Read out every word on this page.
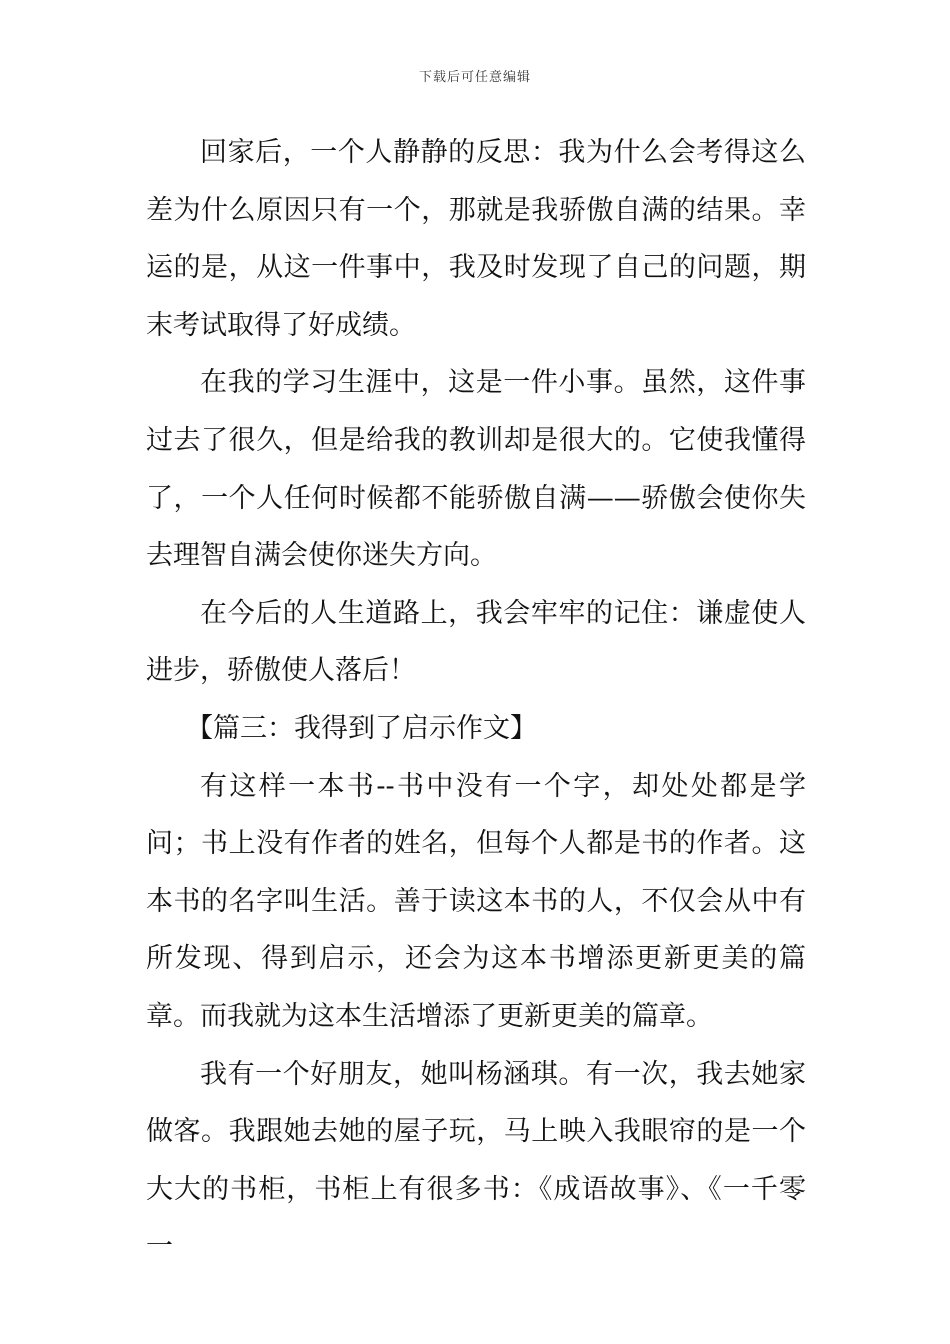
下载后可任意编辑

回家后，一个人静静的反思：我为什么会考得这么差为什么原因只有一个，那就是我骄傲自满的结果。幸运的是，从这一件事中，我及时发现了自己的问题，期末考试取得了好成绩。

在我的学习生涯中，这是一件小事。虽然，这件事过去了很久，但是给我的教训却是很大的。它使我懂得了，一个人任何时候都不能骄傲自满——骄傲会使你失去理智自满会使你迷失方向。

在今后的人生道路上，我会牢牢的记住：谦虚使人进步，骄傲使人落后！

【篇三：我得到了启示作文】

有这样一本书--书中没有一个字，却处处都是学问；书上没有作者的姓名，但每个人都是书的作者。这本书的名字叫生活。善于读这本书的人，不仅会从中有所发现、得到启示，还会为这本书增添更新更美的篇章。而我就为这本生活增添了更新更美的篇章。

我有一个好朋友，她叫杨涵琪。有一次，我去她家做客。我跟她去她的屋子玩，马上映入我眼帘的是一个大大的书柜，书柜上有很多书：《成语故事》、《一千零一
